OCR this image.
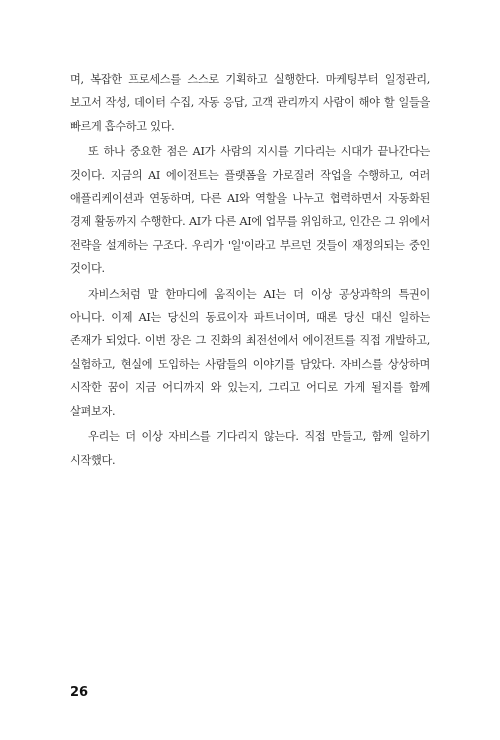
며, 복잡한 프로세스를 스스로 기획하고 실행한다. 마케팅부터 일정관리, 보고서 작성, 데이터 수집, 자동 응답, 고객 관리까지 사람이 해야 할 일들을 빠르게 흡수하고 있다.

또 하나 중요한 점은 AI가 사람의 지시를 기다리는 시대가 끝나간다는 것이다. 지금의 AI 에이전트는 플랫폼을 가로질러 작업을 수행하고, 여러 애플리케이션과 연동하며, 다른 AI와 역할을 나누고 협력하면서 자동화된 경제 활동까지 수행한다. AI가 다른 AI에 업무를 위임하고, 인간은 그 위에서 전략을 설계하는 구조다. 우리가 '일'이라고 부르던 것들이 재정의되는 중인 것이다.

자비스처럼 말 한마디에 움직이는 AI는 더 이상 공상과학의 특권이 아니다. 이제 AI는 당신의 동료이자 파트너이며, 때론 당신 대신 일하는 존재가 되었다. 이번 장은 그 진화의 최전선에서 에이전트를 직접 개발하고, 실험하고, 현실에 도입하는 사람들의 이야기를 담았다. 자비스를 상상하며 시작한 꿈이 지금 어디까지 와 있는지, 그리고 어디로 가게 될지를 함께 살펴보자.

우리는 더 이상 자비스를 기다리지 않는다. 직접 만들고, 함께 일하기 시작했다.

26
